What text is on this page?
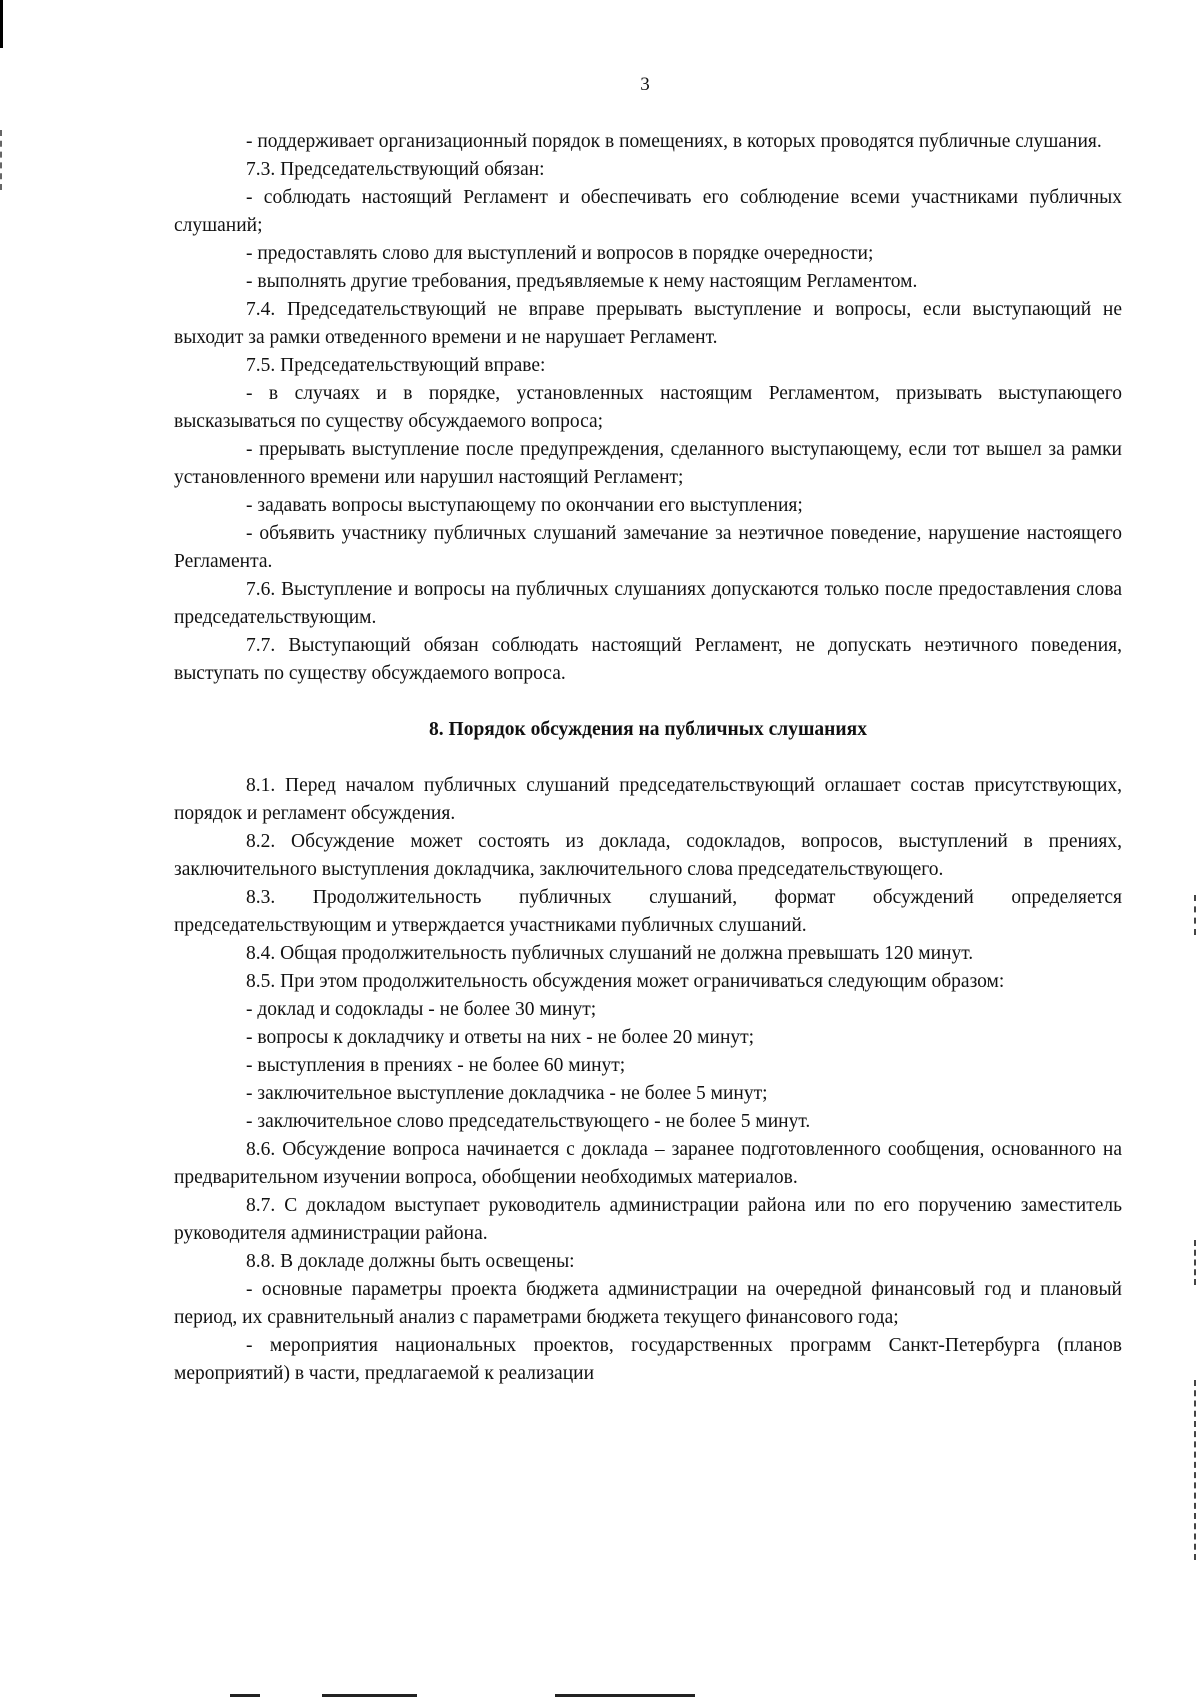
3

- поддерживает организационный порядок в помещениях, в которых проводятся публичные слушания.

7.3. Председательствующий обязан:

- соблюдать настоящий Регламент и обеспечивать его соблюдение всеми участниками публичных слушаний;

- предоставлять слово для выступлений и вопросов в порядке очередности;

- выполнять другие требования, предъявляемые к нему настоящим Регламентом.

7.4. Председательствующий не вправе прерывать выступление и вопросы, если выступающий не выходит за рамки отведенного времени и не нарушает Регламент.

7.5. Председательствующий вправе:

- в случаях и в порядке, установленных настоящим Регламентом, призывать выступающего высказываться по существу обсуждаемого вопроса;

- прерывать выступление после предупреждения, сделанного выступающему, если тот вышел за рамки установленного времени или нарушил настоящий Регламент;

- задавать вопросы выступающему по окончании его выступления;

- объявить участнику публичных слушаний замечание за неэтичное поведение, нарушение настоящего Регламента.

7.6. Выступление и вопросы на публичных слушаниях допускаются только после предоставления слова председательствующим.

7.7. Выступающий обязан соблюдать настоящий Регламент, не допускать неэтичного поведения, выступать по существу обсуждаемого вопроса.

8. Порядок обсуждения на публичных слушаниях

8.1. Перед началом публичных слушаний председательствующий оглашает состав присутствующих, порядок и регламент обсуждения.

8.2. Обсуждение может состоять из доклада, содокладов, вопросов, выступлений в прениях, заключительного выступления докладчика, заключительного слова председательствующего.

8.3. Продолжительность публичных слушаний, формат обсуждений определяется председательствующим и утверждается участниками публичных слушаний.

8.4. Общая продолжительность публичных слушаний не должна превышать 120 минут.

8.5. При этом продолжительность обсуждения может ограничиваться следующим образом:

- доклад и содоклады - не более 30 минут;

- вопросы к докладчику и ответы на них - не более 20 минут;

- выступления в прениях - не более 60 минут;

- заключительное выступление докладчика - не более 5 минут;

- заключительное слово председательствующего - не более 5 минут.

8.6. Обсуждение вопроса начинается с доклада – заранее подготовленного сообщения, основанного на предварительном изучении вопроса, обобщении необходимых материалов.

8.7. С докладом выступает руководитель администрации района или по его поручению заместитель руководителя администрации района.

8.8. В докладе должны быть освещены:

- основные параметры проекта бюджета администрации на очередной финансовый год и плановый период, их сравнительный анализ с параметрами бюджета текущего финансового года;

- мероприятия национальных проектов, государственных программ Санкт-Петербурга (планов мероприятий) в части, предлагаемой к реализации
